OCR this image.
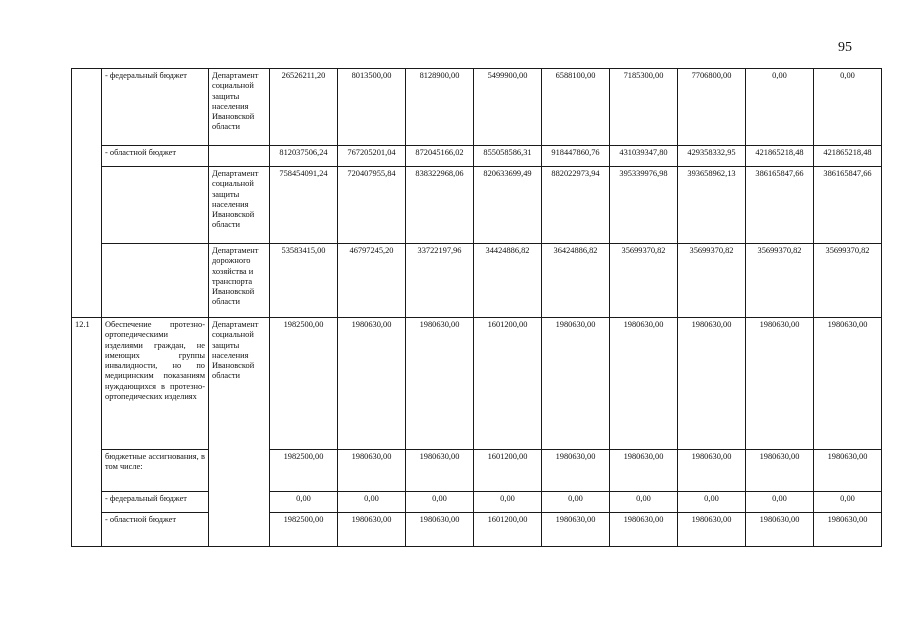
95
	- федеральный бюджет	Департамент социальной защиты населения Ивановской области	26526211,20	8013500,00	8128900,00	5499900,00	6588100,00	7185300,00	7706800,00	0,00	0,00
	- областной бюджет		812037506,24	767205201,04	872045166,02	855058586,31	918447860,76	431039347,80	429358332,95	421865218,48	421865218,48
		Департамент социальной защиты населения Ивановской области	758454091,24	720407955,84	838322968,06	820633699,49	882022973,94	395339976,98	393658962,13	386165847,66	386165847,66
		Департамент дорожного хозяйства и транспорта Ивановской области	53583415,00	46797245,20	33722197,96	34424886,82	36424886,82	35699370,82	35699370,82	35699370,82	35699370,82
12.1	Обеспечение протезно-ортопедическими изделиями граждан, не имеющих группы инвалидности, но по медицинским показаниям нуждающихся в протезно-ортопедических изделиях	Департамент социальной защиты населения Ивановской области	1982500,00	1980630,00	1980630,00	1601200,00	1980630,00	1980630,00	1980630,00	1980630,00	1980630,00
	бюджетные ассигнования, в том числе:		1982500,00	1980630,00	1980630,00	1601200,00	1980630,00	1980630,00	1980630,00	1980630,00	1980630,00
	- федеральный бюджет		0,00	0,00	0,00	0,00	0,00	0,00	0,00	0,00	0,00
	- областной бюджет		1982500,00	1980630,00	1980630,00	1601200,00	1980630,00	1980630,00	1980630,00	1980630,00	1980630,00
